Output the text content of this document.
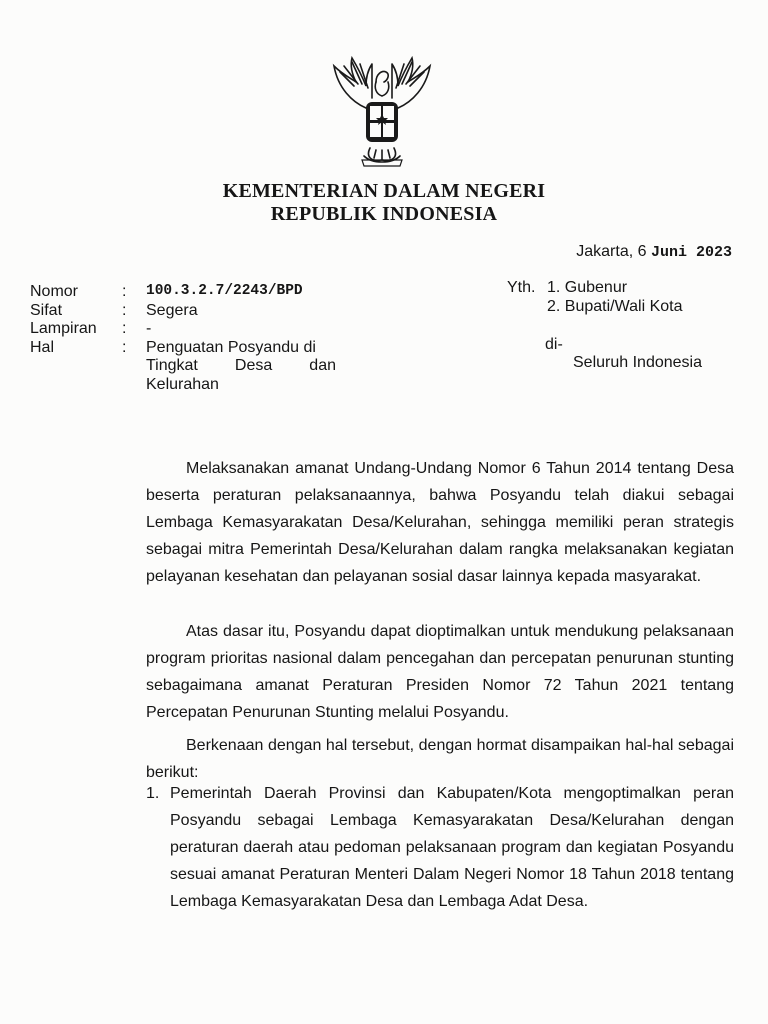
KEMENTERIAN DALAM NEGERI
REPUBLIK INDONESIA
Jakarta, 6 Juni 2023
Nomor	: 100.3.2.7/2243/BPD
Sifat	: Segera
Lampiran : -
Hal	: Penguatan Posyandu di
Tingkat Desa dan
Kelurahan
Yth. 1. Gubenur
2. Bupati/Wali Kota
di-
Seluruh Indonesia
Melaksanakan amanat Undang-Undang Nomor 6 Tahun 2014 tentang Desa beserta peraturan pelaksanaannya, bahwa Posyandu telah diakui sebagai Lembaga Kemasyarakatan Desa/Kelurahan, sehingga memiliki peran strategis sebagai mitra Pemerintah Desa/Kelurahan dalam rangka melaksanakan kegiatan pelayanan kesehatan dan pelayanan sosial dasar lainnya kepada masyarakat.
Atas dasar itu, Posyandu dapat dioptimalkan untuk mendukung pelaksanaan program prioritas nasional dalam pencegahan dan percepatan penurunan stunting sebagaimana amanat Peraturan Presiden Nomor 72 Tahun 2021 tentang Percepatan Penurunan Stunting melalui Posyandu.
Berkenaan dengan hal tersebut, dengan hormat disampaikan hal-hal sebagai berikut:
1. Pemerintah Daerah Provinsi dan Kabupaten/Kota mengoptimalkan peran Posyandu sebagai Lembaga Kemasyarakatan Desa/Kelurahan dengan peraturan daerah atau pedoman pelaksanaan program dan kegiatan Posyandu sesuai amanat Peraturan Menteri Dalam Negeri Nomor 18 Tahun 2018 tentang Lembaga Kemasyarakatan Desa dan Lembaga Adat Desa.
